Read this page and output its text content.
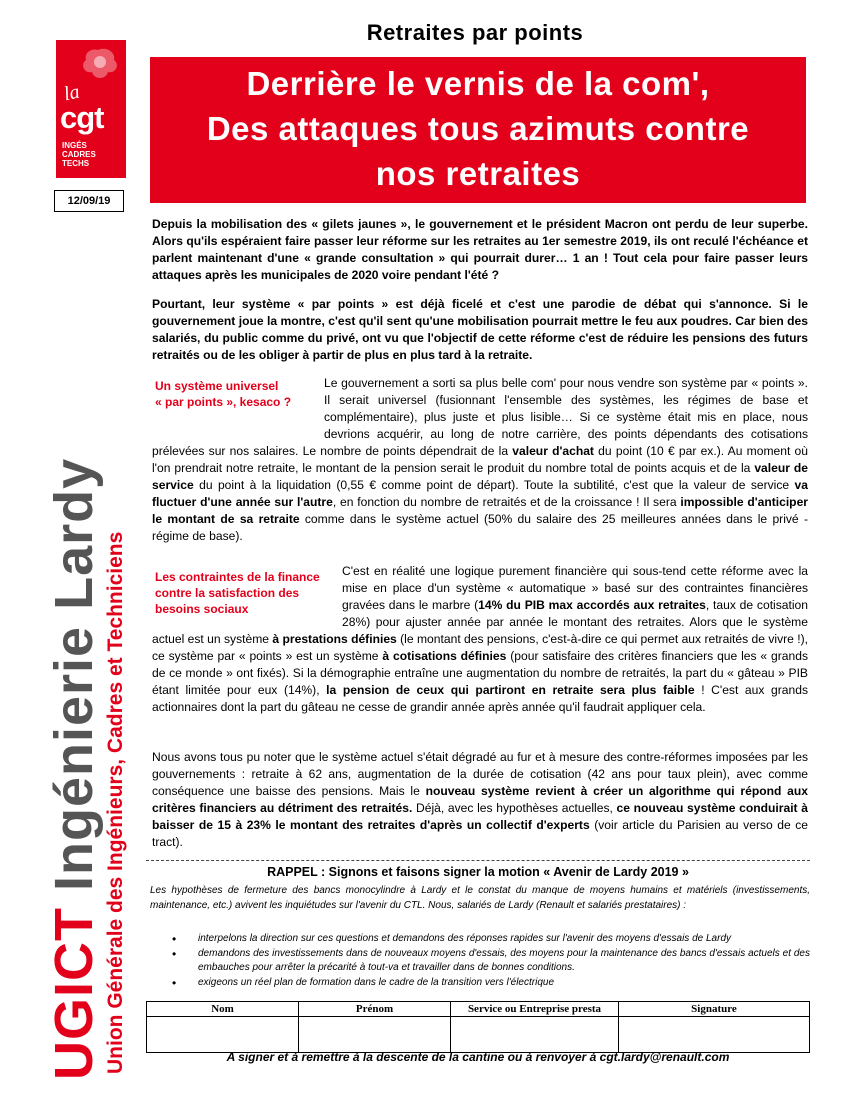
la
cgt
INGÉS
CADRES
TECHS
12/09/19
UGICT Ingénierie Lardy Union Générale des Ingénieurs, Cadres et Techniciens
Retraites par points
Derrière le vernis de la com',
Des attaques tous azimuts contre
nos retraites
Depuis la mobilisation des « gilets jaunes », le gouvernement et le président Macron ont perdu de leur superbe. Alors qu'ils espéraient faire passer leur réforme sur les retraites au 1er semestre 2019, ils ont reculé l'échéance et parlent maintenant d'une « grande consultation » qui pourrait durer… 1 an ! Tout cela pour faire passer leurs attaques après les municipales de 2020 voire pendant l'été ?
Pourtant, leur système « par points » est déjà ficelé et c'est une parodie de débat qui s'annonce. Si le gouvernement joue la montre, c'est qu'il sent qu'une mobilisation pourrait mettre le feu aux poudres. Car bien des salariés, du public comme du privé, ont vu que l'objectif de cette réforme c'est de réduire les pensions des futurs retraités ou de les obliger à partir de plus en plus tard à la retraite.
Un système universel
« par points », kesaco ?
Le gouvernement a sorti sa plus belle com' pour nous vendre son système par « points ». Il serait universel (fusionnant l'ensemble des systèmes, les régimes de base et complémentaire), plus juste et plus lisible… Si ce système était mis en place, nous devrions acquérir, au long de notre carrière, des points dépendants des cotisations prélevées sur nos salaires. Le nombre de points dépendrait de la valeur d'achat du point (10 € par ex.). Au moment où l'on prendrait notre retraite, le montant de la pension serait le produit du nombre total de points acquis et de la valeur de service du point à la liquidation (0,55 € comme point de départ). Toute la subtilité, c'est que la valeur de service va fluctuer d'une année sur l'autre, en fonction du nombre de retraités et de la croissance ! Il sera impossible d'anticiper le montant de sa retraite comme dans le système actuel (50% du salaire des 25 meilleures années dans le privé - régime de base).
Les contraintes de la finance
contre la satisfaction des
besoins sociaux
C'est en réalité une logique purement financière qui sous-tend cette réforme avec la mise en place d'un système « automatique » basé sur des contraintes financières gravées dans le marbre (14% du PIB max accordés aux retraites, taux de cotisation 28%) pour ajuster année par année le montant des retraites. Alors que le système actuel est un système à prestations définies (le montant des pensions, c'est-à-dire ce qui permet aux retraités de vivre !), ce système par « points » est un système à cotisations définies (pour satisfaire des critères financiers que les « grands de ce monde » ont fixés). Si la démographie entraîne une augmentation du nombre de retraités, la part du « gâteau » PIB étant limitée pour eux (14%), la pension de ceux qui partiront en retraite sera plus faible ! C'est aux grands actionnaires dont la part du gâteau ne cesse de grandir année après année qu'il faudrait appliquer cela.
Nous avons tous pu noter que le système actuel s'était dégradé au fur et à mesure des contre-réformes imposées par les gouvernements : retraite à 62 ans, augmentation de la durée de cotisation (42 ans pour taux plein), avec comme conséquence une baisse des pensions. Mais le nouveau système revient à créer un algorithme qui répond aux critères financiers au détriment des retraités. Déjà, avec les hypothèses actuelles, ce nouveau système conduirait à baisser de 15 à 23% le montant des retraites d'après un collectif d'experts (voir article du Parisien au verso de ce tract).
RAPPEL : Signons et faisons signer la motion « Avenir de Lardy 2019 »
Les hypothèses de fermeture des bancs monocylindre à Lardy et le constat du manque de moyens humains et matériels (investissements, maintenance, etc.) avivent les inquiétudes sur l'avenir du CTL. Nous, salariés de Lardy (Renault et salariés prestataires) :
• interpelons la direction sur ces questions et demandons des réponses rapides sur l'avenir des moyens d'essais de Lardy
• demandons des investissements dans de nouveaux moyens d'essais, des moyens pour la maintenance des bancs d'essais actuels et des embauches pour arrêter la précarité à tout-va et travailler dans de bonnes conditions.
• exigeons un réel plan de formation dans le cadre de la transition vers l'électrique
Nom	Prénom	Service ou Entreprise presta	Signature

A signer et à remettre à la descente de la cantine ou à renvoyer à cgt.lardy@renault.com
